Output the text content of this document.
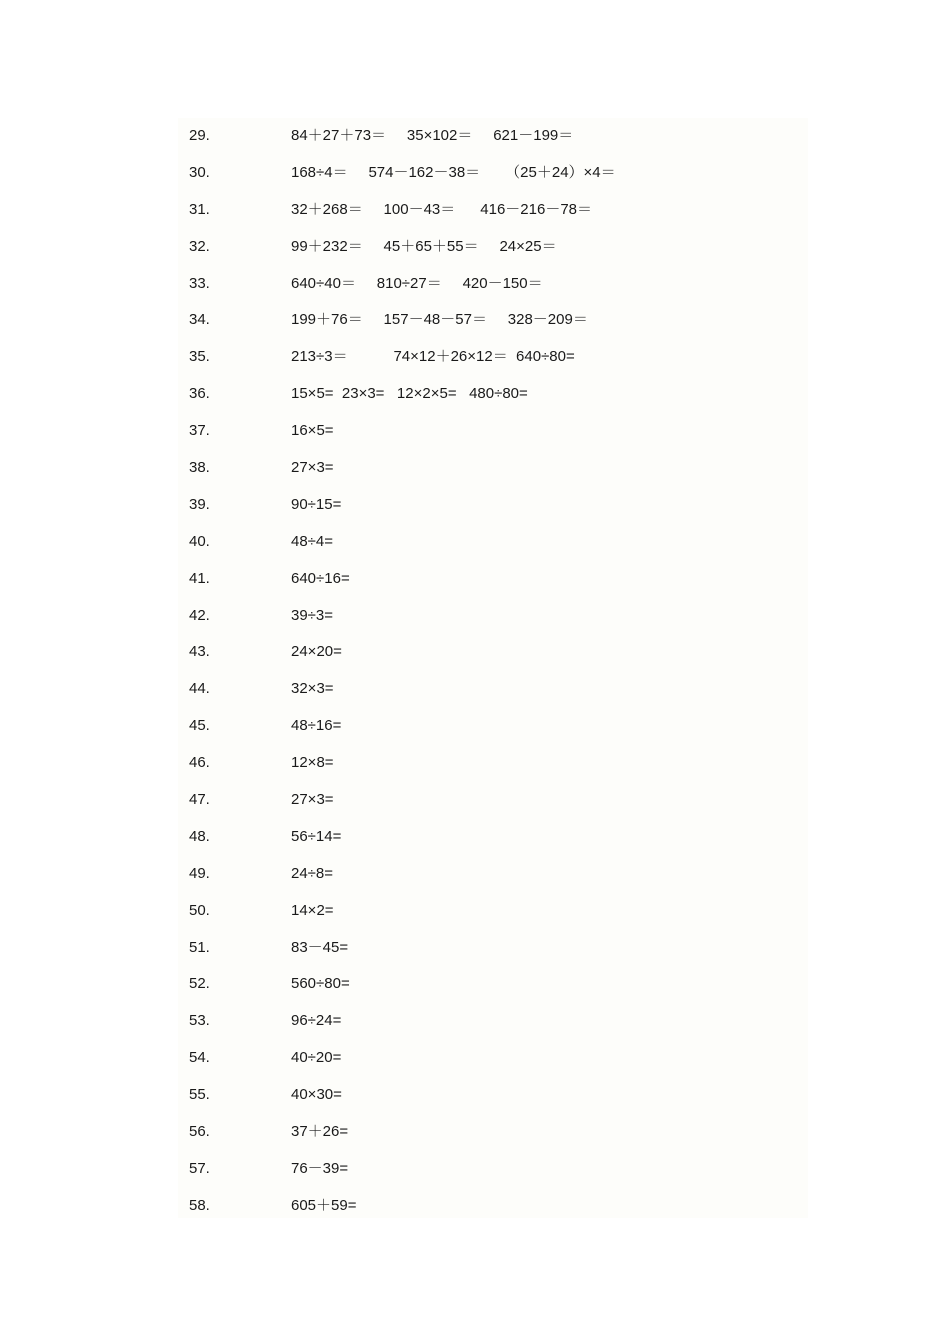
29.	84＋27＋73＝     35×102＝     621－199＝
30.	168÷4＝     574－162－38＝      （25＋24）×4＝
31.	32＋268＝     100－43＝      416－216－78＝
32.	99＋232＝     45＋65＋55＝     24×25＝
33.	640÷40＝     810÷27＝     420－150＝
34.	199＋76＝     157－48－57＝     328－209＝
35.	213÷3＝           74×12＋26×12＝  640÷80=
36.	15×5=  23×3=   12×2×5=   480÷80=
37.	16×5=
38.	27×3=
39.	90÷15=
40.	48÷4=
41.	640÷16=
42.	39÷3=
43.	24×20=
44.	32×3=
45.	48÷16=
46.	12×8=
47.	27×3=
48.	56÷14=
49.	24÷8=
50.	14×2=
51.	83－45=
52.	560÷80=
53.	96÷24=
54.	40÷20=
55.	40×30=
56.	37＋26=
57.	76－39=
58.	605＋59=
